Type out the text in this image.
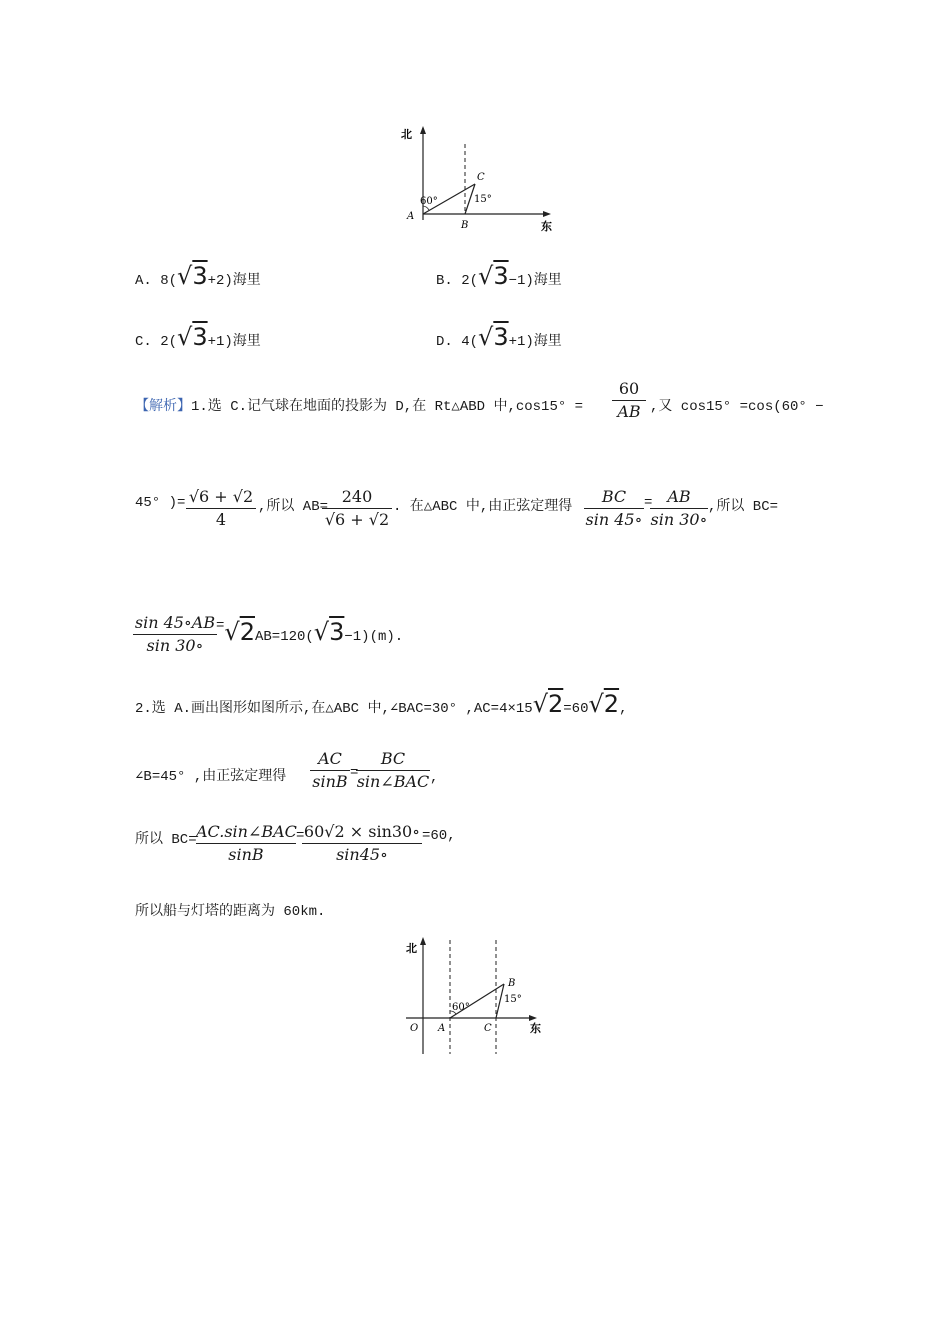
北
东
A
B
C
60°	15°
A. 8(√3+2)海里	B. 2(√3−1)海里
C. 2(√3+1)海里	D. 4(√3+1)海里
【解析】1.选 C.记气球在地面的投影为 D,在 Rt△ABD 中,cos15° =
60
AB ,又 cos15° =cos(60° −
45° )= √6 + √2
4
,所以 AB=
240
√6 + √2
. 在△ABC 中,由正弦定理得
BC
sin 45∘
= AB
sin 30∘
,所以 BC=
sin 45∘AB
sin 30∘
=√2AB=120(√3−1)(m).
2.选 A.画出图形如图所示,在△ABC 中,∠BAC=30° ,AC=4×15√2=60√2,
∠B=45° ,由正弦定理得
AC
sinB =
BC
sin∠BAC ,
所以 BC= AC.sin∠BAC
sinB
= 60√2 × sin30∘
sin45∘
=60,
所以船与灯塔的距离为 60km.
北
东
O A
B
C
60°
15°
